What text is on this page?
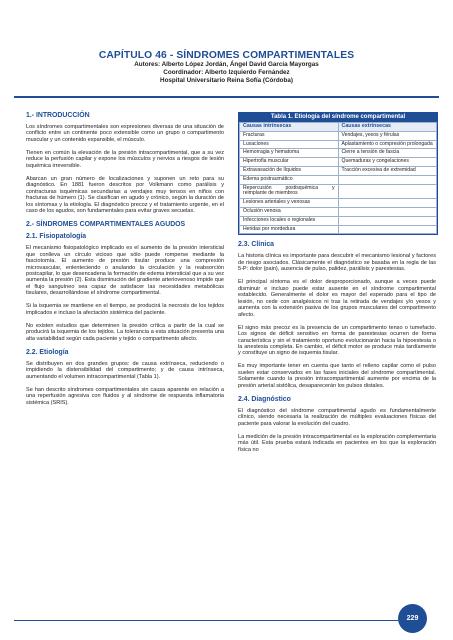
CAPÍTULO 46 - SÍNDROMES COMPARTIMENTALES
Autores: Alberto López Jordán, Ángel David García Mayorgas
Coordinador: Alberto Izquierdo Fernández
Hospital Universitario Reina Sofía (Córdoba)
1.- INTRODUCCIÓN

Los síndromes compartimentales son expresiones diversas de una situación de conflicto entre un continente poco extensible como un grupo o compartimento muscular y un contenido expansible, el músculo.

Tienen en común la elevación de la presión intracompartimental, que a su vez reduce la perfusión capilar y expone los músculos y nervios a riesgos de lesión isquémica irreversible.

Abarcan un gran número de localizaciones y suponen un reto para su diagnóstico. En 1881 fueron descritos por Volkmann como parálisis y contracturas isquémicas secundarias a vendajes muy tensos en niños con fracturas de húmero (1). Se clasifican en agudo y crónico, según la duración de los síntomas y la etiología. El diagnóstico precoz y el tratamiento urgente, en el caso de los agudos, son fundamentales para evitar graves secuelas.

2.- SÍNDROMES COMPARTIMENTALES AGUDOS
2.1. Fisiopatología

El mecanismo fisiopatológico implicado es el aumento de la presión intersticial que conlleva un círculo vicioso que sólo puede romperse mediante la fasciotomía. El aumento de presión tisular produce una compresión microvascular, enlenteciendo o anulando la circulación y la reabsorción postcapilar, lo que desencadena la formación de edema intersticial que a su vez aumenta la presión (2). Esta disminución del gradiente arteriovenoso impide que el flujo sanguíneo sea capaz de satisfacer las necesidades metabólicas tisulares, desarrollándose el síndrome compartimental.

Si la isquemia se mantiene en el tiempo, se producirá la necrosis de los tejidos implicados e incluso la afectación sistémica del paciente.

No existen estudios que determinen la presión crítica a partir de la cual se producirá la isquemia de los tejidos. La tolerancia a esta situación presenta una alta variabilidad según cada paciente y tejido o compartimento afecto.

2.2. Etiología

Se distribuyen en dos grandes grupos: de causa extrínseca, reduciendo o impidiendo la distensibilidad del compartimento; y de causa intrínseca, aumentando el volumen intracompartimental (Tabla 1).

Se han descrito síndromes compartimentales sin causa aparente en relación a una reperfusión agresiva con fluidos y al síndrome de respuesta inflamatoria sistémica (SRIS).

Tabla 1. Etiología del síndrome compartimental
Causas intrínsecas	Causas extrínsecas
Fracturas	Vendajes, yesos y férulas
Luxaciones	Aplastamiento o compresión prolongada
Hemorragia y hematoma	Cierre a tensión de fascia
Hipertrofia muscular	Quemaduras y congelaciones
Extravasación de líquidos	Tracción excesiva de extremidad
Edema postraumático	
Repercusión postisquémica y reimplante de miembros	
Lesiones arteriales y venosas	
Oclusión venosa	
Infecciones locales o regionales	
Heridas por mordedura	
2.3. Clínica

La historia clínica es importante para descubrir el mecanismo lesional y factores de riesgo asociados. Clásicamente el diagnóstico se basaba en la regla de las 5-P: dolor (pain), ausencia de pulso, palidez, parálisis y parestesias.

El principal síntoma es el dolor desproporcionado, aunque a veces puede disminuir e incluso puede estar ausente en el síndrome compartimental establecido. Generalmente el dolor es mayor del esperado para el tipo de lesión, no cede con analgésicos ni tras la retirada de vendajes y/o yesos y aumenta con la extensión pasiva de los grupos musculares del compartimento afecto.

El signo más precoz es la presencia de un compartimento tenso o tumefacto. Los signos de déficit sensitivo en forma de parestesias ocurren de forma característica y sin el tratamiento oportuno evolucionarán hacia la hipoestesia o la anestesia completa. En cambio, el déficit motor se produce más tardíamente y constituye un signo de isquemia tisular.

Es muy importante tener en cuenta que tanto el relleno capilar como el pulso suelen estar conservados en las fases iniciales del síndrome compartimental. Solamente cuando la presión intracompartimental aumente por encima de la presión arterial sistólica, desaparecerán los pulsos distales.

2.4. Diagnóstico

El diagnóstico del síndrome compartimental agudo es fundamentalmente clínico, siendo necesaria la realización de múltiples evaluaciones físicas del paciente para valorar la evolución del cuadro.

La medición de la presión intracompartimental es la exploración complementaria más útil. Esta prueba estará indicada en pacientes en los que la exploración física no

229
